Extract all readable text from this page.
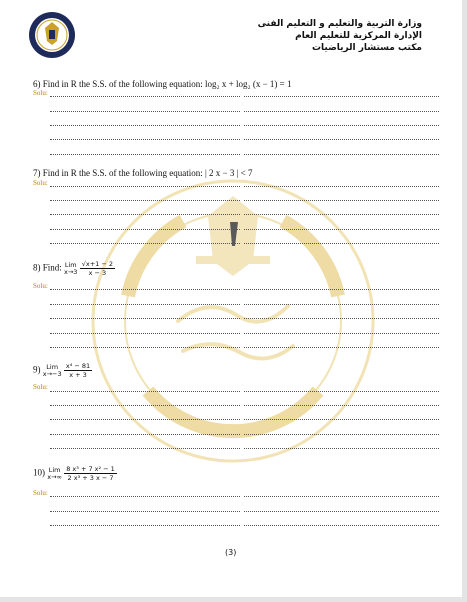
وزارة التربية والتعليم و التعليم الفنى
الإدارة المركزية للتعليم العام
مكتب مستشار الرياضيات
6) Find in R the S.S. of the following equation: log₂ x + log₂ (x − 1) = 1
Solu:
7) Find in R the S.S. of the following equation: | 2 x − 3 | < 7
Solu:
8) Find: Lim
$x\to 3 \frac{√x+1 - 2}{x - 3}$
Solu:
9) Lim
$x\to-3 \frac{\text{x⁴ − 81}}{x + 3}$
Solu:
10) Lim
$x\to\infty \frac{\text{8 x³ + 7 x² − 1}}{\text{2 x³ + 3 x − 7}}$
Solu:
(3)
